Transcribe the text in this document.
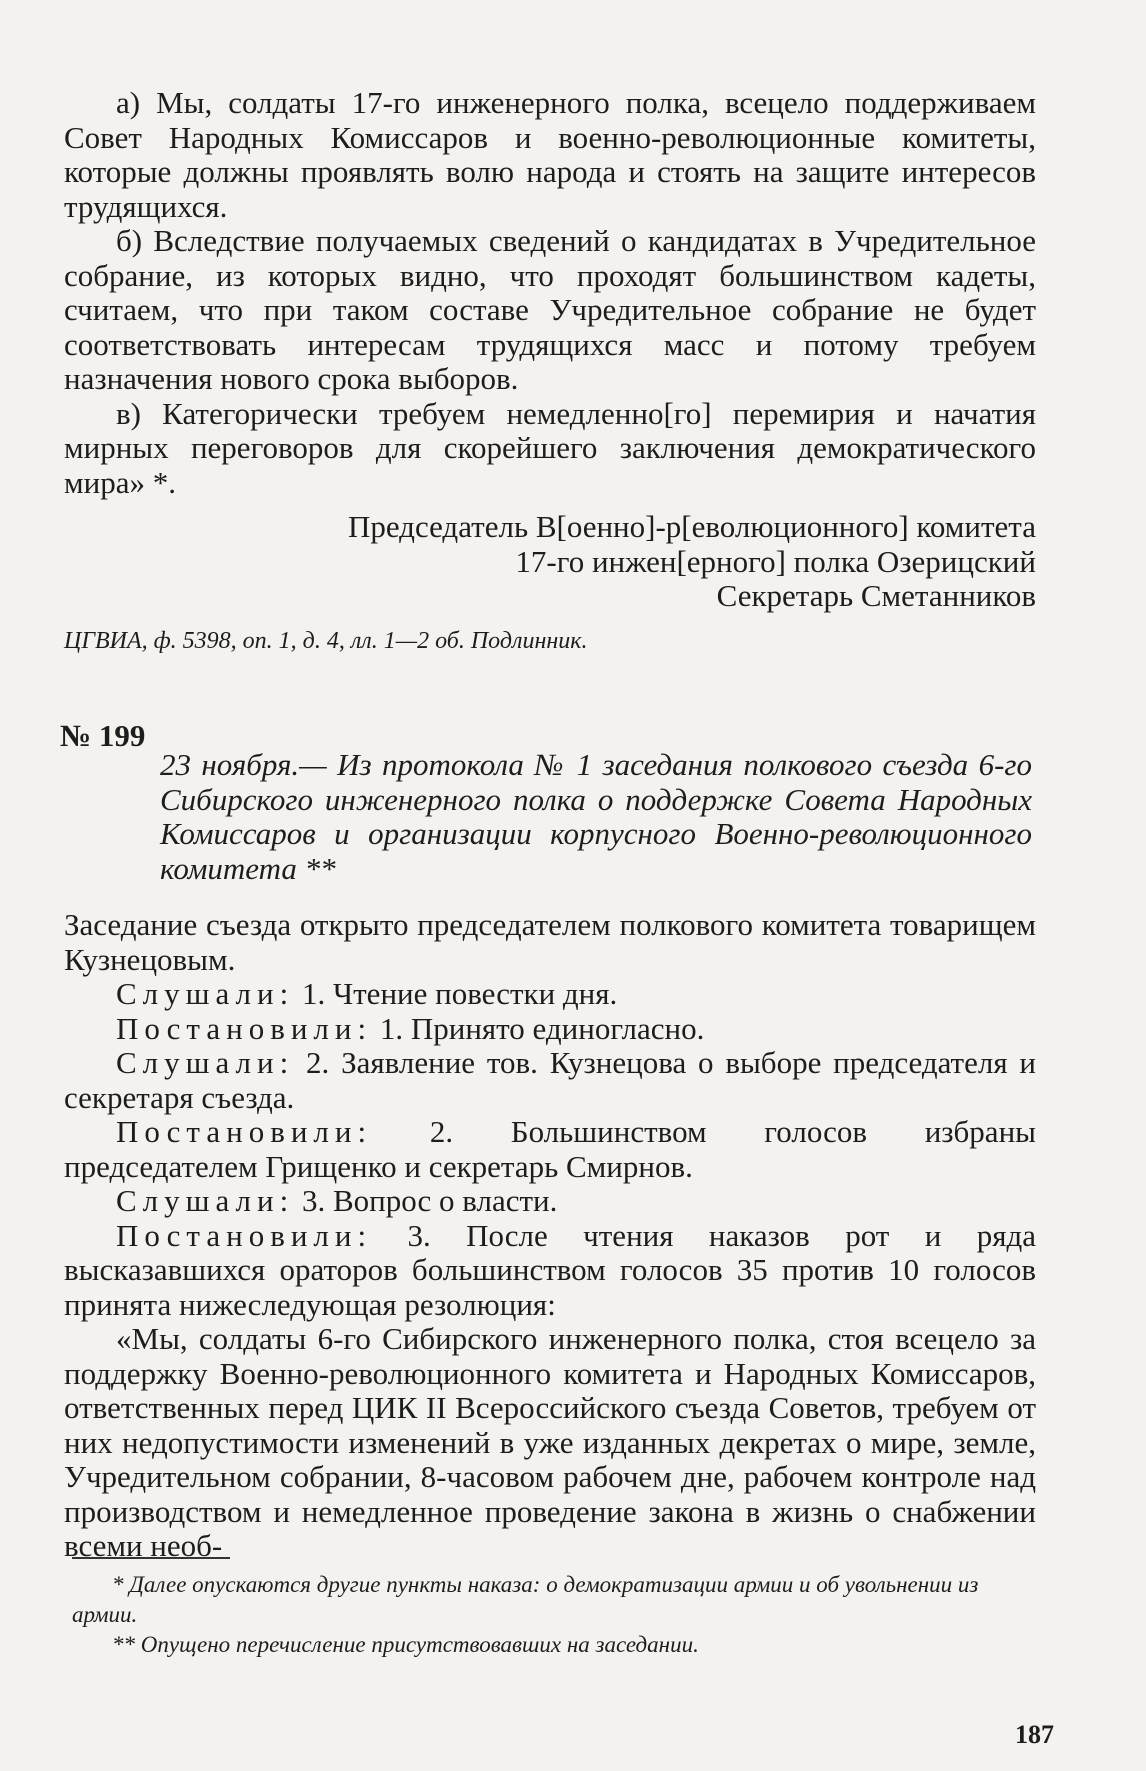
а) Мы, солдаты 17-го инженерного полка, всецело поддерживаем Совет Народных Комиссаров и военно-революционные комитеты, которые должны проявлять волю народа и стоять на защите интересов трудящихся.

б) Вследствие получаемых сведений о кандидатах в Учредительное собрание, из которых видно, что проходят большинством кадеты, считаем, что при таком составе Учредительное собрание не будет соответствовать интересам трудящихся масс и потому требуем назначения нового срока выборов.

в) Категорически требуем немедленно[го] перемирия и начатия мирных переговоров для скорейшего заключения демократического мира» *.

Председатель В[оенно]-р[еволюционного] комитета

17-го инжен[ерного] полка Озерицский

Секретарь Сметанников

ЦГВИА, ф. 5398, оп. 1, д. 4, лл. 1—2 об. Подлинник.

№ 199

23 ноября.— Из протокола № 1 заседания полкового съезда 6-го Сибирского инженерного полка о поддержке Совета Народных Комиссаров и организации корпусного Военно-революционного комитета **

Заседание съезда открыто председателем полкового комитета товарищем Кузнецовым.

Слушали: 1. Чтение повестки дня.

Постановили: 1. Принято единогласно.

Слушали: 2. Заявление тов. Кузнецова о выборе председателя и секретаря съезда.

Постановили: 2. Большинством голосов избраны председателем Грищенко и секретарь Смирнов.

Слушали: 3. Вопрос о власти.

Постановили: 3. После чтения наказов рот и ряда высказавшихся ораторов большинством голосов 35 против 10 голосов принята нижеследующая резолюция:

«Мы, солдаты 6-го Сибирского инженерного полка, стоя всецело за поддержку Военно-революционного комитета и Народных Комиссаров, ответственных перед ЦИК II Всероссийского съезда Советов, требуем от них недопустимости изменений в уже изданных декретах о мире, земле, Учредительном собрании, 8-часовом рабочем дне, рабочем контроле над производством и немедленное проведение закона в жизнь о снабжении всеми необ-

* Далее опускаются другие пункты наказа: о демократизации армии и об увольнении из армии.

** Опущено перечисление присутствовавших на заседании.

187
